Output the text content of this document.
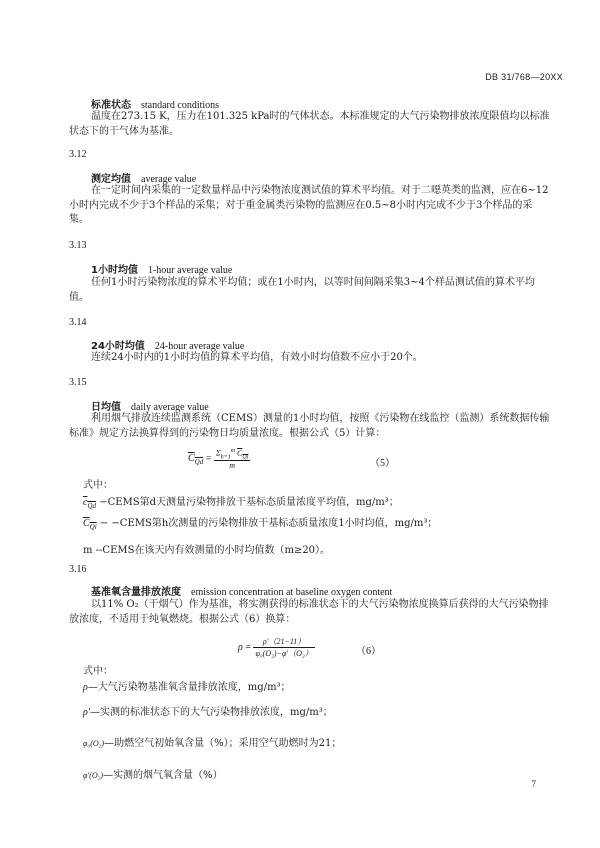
DB 31/768—20XX
标准状态 standard conditions
温度在273.15 K，压力在101.325 kPa时的气体状态。本标准规定的大气污染物排放浓度限值均以标准状态下的干气体为基准。
3.12
测定均值 average value
在一定时间内采集的一定数量样品中污染物浓度测试值的算术平均值。对于二噁英类的监测，应在6~12小时内完成不少于3个样品的采集；对于重金属类污染物的监测应在0.5~8小时内完成不少于3个样品的采集。
3.13
1小时均值 1-hour average value
任何1小时污染物浓度的算术平均值；或在1小时内，以等时间间隔采集3~4个样品测试值的算术平均值。
3.14
24小时均值 24-hour average value
连续24小时内的1小时均值的算术平均值，有效小时均值数不应小于20个。
3.15
日均值 daily average value
利用烟气排放连续监测系统（CEMS）测量的1小时均值，按照《污染物在线监控（监测）系统数据传输标准》规定方法换算得到的污染物日均质量浓度。根据公式（5）计算：
$C_{Qd} = \frac{\Sigma_{h=1}^m C_{Qi}}{m}$	（5）
式中：
$c_{Qd}$ −CEMS第d天测量污染物排放干基标态质量浓度平均值，mg/m³；
$C_{Qi}$ − −CEMS第h次测量的污染物排放干基标态质量浓度1小时均值，mg/m³；
m --CEMS在该天内有效测量的小时均值数（m≥20）。
3.16
基准氧含量排放浓度 emission concentration at baseline oxygen content
以11% O₂（干烟气）作为基准，将实测获得的标准状态下的大气污染物浓度换算后获得的大气污染物排放浓度，不适用于纯氧燃烧。根据公式（6）换算：
$\rho = \frac{\rho'(21-11)}{\text{φ₀(O₂)−φ′（O₂）}}$	（6）
式中：
ρ—大气污染物基准氧含量排放浓度，mg/m³；
ρ′—实测的标准状态下的大气污染物排放浓度，mg/m³；
φ₀(O₂)—助燃空气初始氧含量（%）；采用空气助燃时为21；
φ′(O₂)—实测的烟气氧含量（%）
7
